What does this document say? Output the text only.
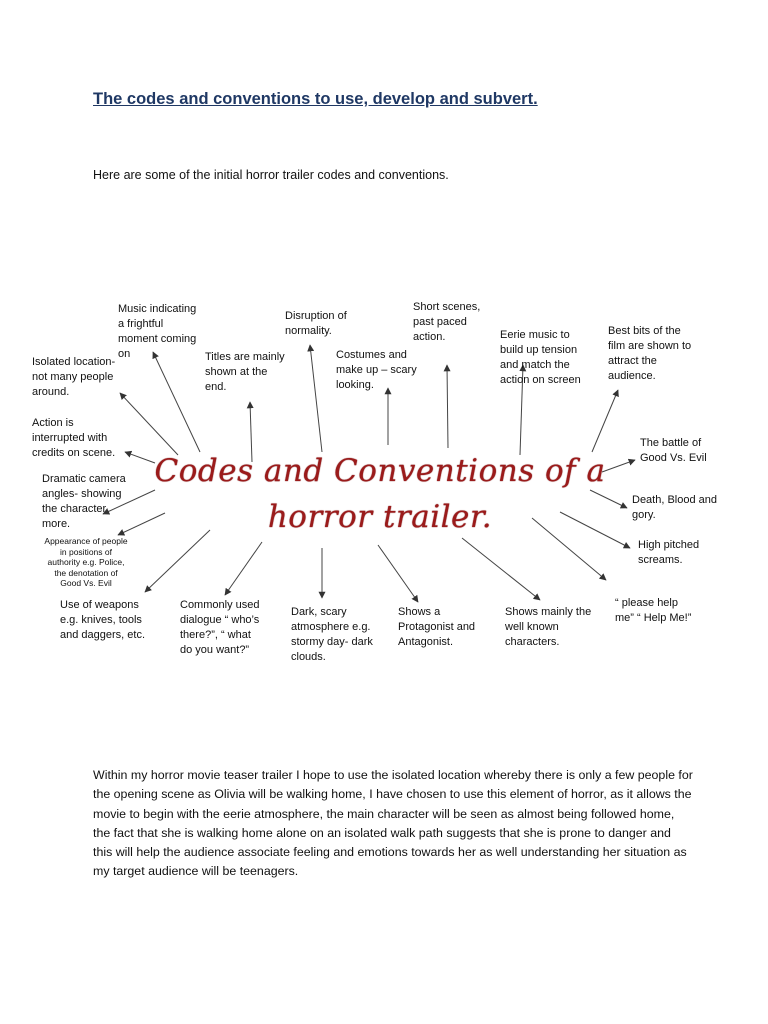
The codes and conventions to use, develop and subvert.

Here are some of the initial horror trailer codes and conventions.

Codes and Conventions of a
horror trailer.
Music indicating
a frightful
moment coming
on
Isolated location-
not many people
around.
Titles are mainly
shown at the
end.
Disruption of
normality.
Costumes and
make up – scary
looking.
Short scenes,
past paced
action.	Eerie music to
build up tension
and match the
action on screen
Best bits of the
film are shown to
attract the
audience.
Action is
interrupted with
credits on scene.
The battle of
Good Vs. Evil
Dramatic camera
angles- showing
the character
more.
Death, Blood and
gory.
Appearance of people
in positions of
authority e.g. Police,
the denotation of
Good Vs. Evil
High pitched
screams.
Use of weapons
e.g. knives, tools
and daggers, etc.
Commonly used
dialogue “ who’s
there?”, “ what
do you want?”
Dark, scary
atmosphere e.g.
stormy day- dark
clouds.
Shows a
Protagonist and
Antagonist.
Shows mainly the
well known
characters.
“ please help
me” “ Help Me!”

Within my horror movie teaser trailer I hope to use the isolated location whereby there is only a few people for the opening scene as Olivia will be walking home, I have chosen to use this element of horror, as it allows the movie to begin with the eerie atmosphere, the main character will be seen as almost being followed home, the fact that she is walking home alone on an isolated walk path suggests that she is prone to danger and this will help the audience associate feeling and emotions towards her as well understanding her situation as my target audience will be teenagers.
